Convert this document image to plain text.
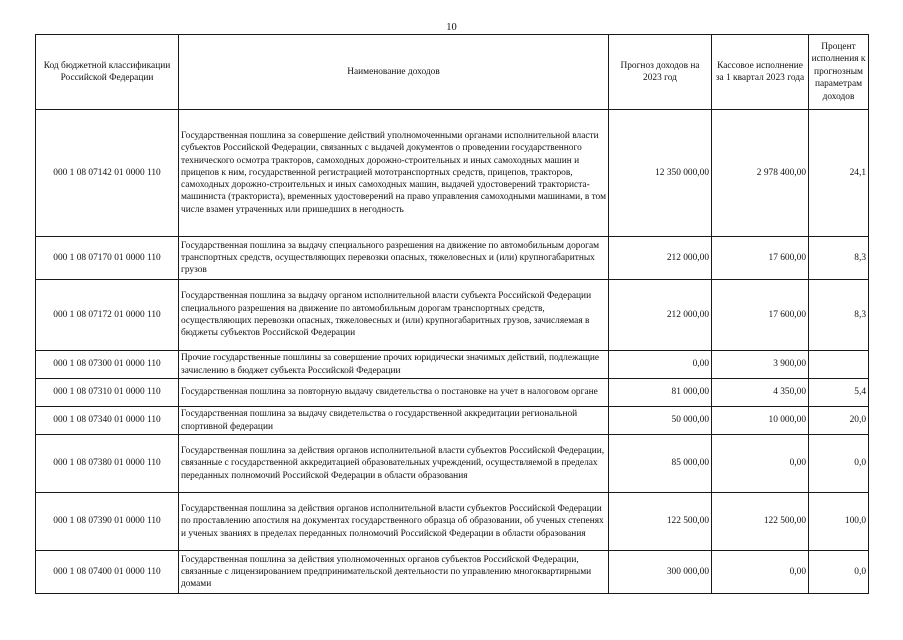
10
Код бюджетной классификации Российской Федерации	Наименование доходов	Прогноз доходов на 2023 год	Кассовое исполнение за 1 квартал 2023 года	Процент исполнения к прогнозным параметрам доходов
000 1 08 07142 01 0000 110	Государственная пошлина за совершение действий уполномоченными органами исполнительной власти субъектов Российской Федерации, связанных с выдачей документов о проведении государственного технического осмотра тракторов, самоходных дорожно-строительных и иных самоходных машин и прицепов к ним, государственной регистрацией мототранспортных средств, прицепов, тракторов, самоходных дорожно-строительных и иных самоходных машин, выдачей удостоверений тракториста-машиниста (тракториста), временных удостоверений на право управления самоходными машинами, в том числе взамен утраченных или пришедших в негодность	12 350 000,00	2 978 400,00	24,1
000 1 08 07170 01 0000 110	Государственная пошлина за выдачу специального разрешения на движение по автомобильным дорогам транспортных средств, осуществляющих перевозки опасных, тяжеловесных и (или) крупногабаритных грузов	212 000,00	17 600,00	8,3
000 1 08 07172 01 0000 110	Государственная пошлина за выдачу органом исполнительной власти субъекта Российской Федерации специального разрешения на движение по автомобильным дорогам транспортных средств, осуществляющих перевозки опасных, тяжеловесных и (или) крупногабаритных грузов, зачисляемая в бюджеты субъектов Российской Федерации	212 000,00	17 600,00	8,3
000 1 08 07300 01 0000 110	Прочие государственные пошлины за совершение прочих юридически значимых действий, подлежащие зачислению в бюджет субъекта Российской Федерации	0,00	3 900,00	
000 1 08 07310 01 0000 110	Государственная пошлина за повторную выдачу свидетельства о постановке на учет в налоговом органе	81 000,00	4 350,00	5,4
000 1 08 07340 01 0000 110	Государственная пошлина за выдачу свидетельства о государственной аккредитации региональной спортивной федерации	50 000,00	10 000,00	20,0
000 1 08 07380 01 0000 110	Государственная пошлина за действия органов исполнительной власти субъектов Российской Федерации, связанные с государственной аккредитацией образовательных учреждений, осуществляемой в пределах переданных полномочий Российской Федерации в области образования	85 000,00	0,00	0,0
000 1 08 07390 01 0000 110	Государственная пошлина за действия органов исполнительной власти субъектов Российской Федерации по проставлению апостиля на документах государственного образца об образовании, об ученых степенях и ученых званиях в пределах переданных полномочий Российской Федерации в области образования	122 500,00	122 500,00	100,0
000 1 08 07400 01 0000 110	Государственная пошлина за действия уполномоченных органов субъектов Российской Федерации, связанные с лицензированием предпринимательской деятельности по управлению многоквартирными домами	300 000,00	0,00	0,0
